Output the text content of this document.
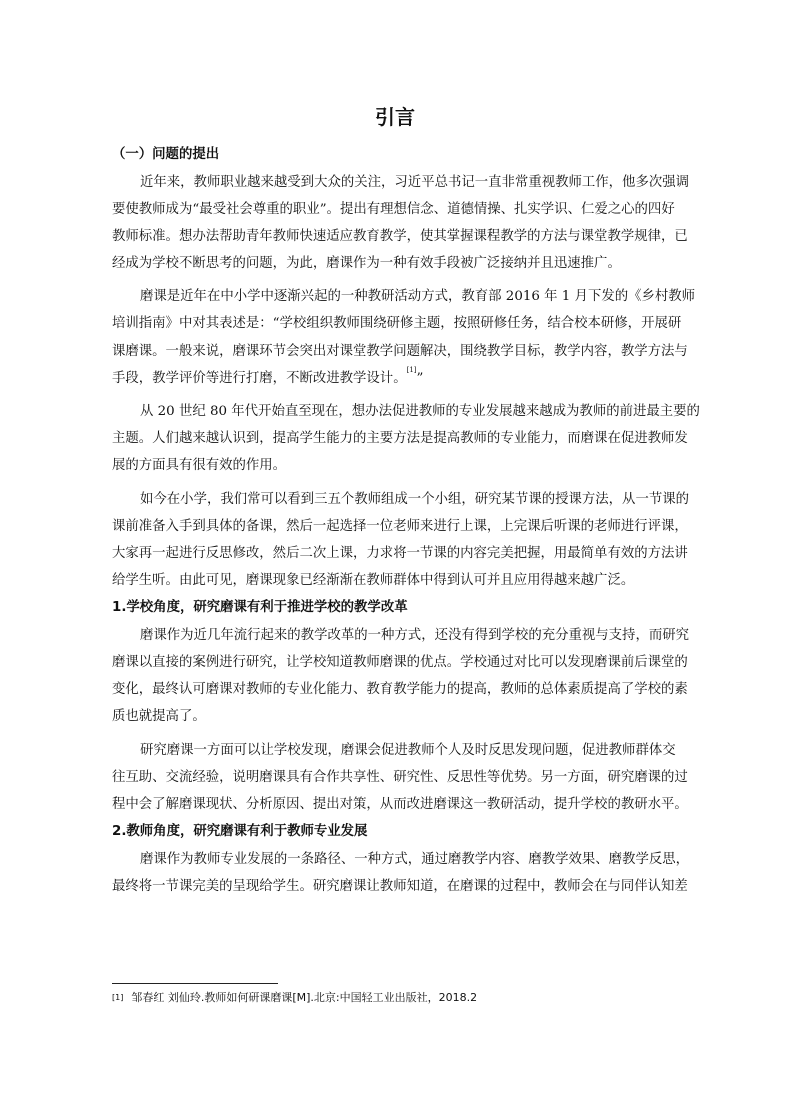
引言
（一）问题的提出
近年来，教师职业越来越受到大众的关注，习近平总书记一直非常重视教师工作，他多次强调
要使教师成为“最受社会尊重的职业”。提出有理想信念、道德情操、扎实学识、仁爱之心的四好
教师标准。想办法帮助青年教师快速适应教育教学，使其掌握课程教学的方法与课堂教学规律，已
经成为学校不断思考的问题，为此，磨课作为一种有效手段被广泛接纳并且迅速推广。
磨课是近年在中小学中逐渐兴起的一种教研活动方式，教育部 2016 年 1 月下发的《乡村教师
培训指南》中对其表述是：“学校组织教师围绕研修主题，按照研修任务，结合校本研修，开展研
课磨课。一般来说，磨课环节会突出对课堂教学问题解决，围绕教学目标，教学内容，教学方法与
手段，教学评价等进行打磨，不断改进教学设计。[1]”
从 20 世纪 80 年代开始直至现在，想办法促进教师的专业发展越来越成为教师的前进最主要的
主题。人们越来越认识到，提高学生能力的主要方法是提高教师的专业能力，而磨课在促进教师发
展的方面具有很有效的作用。
如今在小学，我们常可以看到三五个教师组成一个小组，研究某节课的授课方法，从一节课的
课前准备入手到具体的备课，然后一起选择一位老师来进行上课，上完课后听课的老师进行评课，
大家再一起进行反思修改，然后二次上课，力求将一节课的内容完美把握，用最简单有效的方法讲
给学生听。由此可见，磨课现象已经渐渐在教师群体中得到认可并且应用得越来越广泛。
1.学校角度，研究磨课有利于推进学校的教学改革
磨课作为近几年流行起来的教学改革的一种方式，还没有得到学校的充分重视与支持，而研究
磨课以直接的案例进行研究，让学校知道教师磨课的优点。学校通过对比可以发现磨课前后课堂的
变化，最终认可磨课对教师的专业化能力、教育教学能力的提高，教师的总体素质提高了学校的素
质也就提高了。
研究磨课一方面可以让学校发现，磨课会促进教师个人及时反思发现问题，促进教师群体交
往互助、交流经验，说明磨课具有合作共享性、研究性、反思性等优势。另一方面，研究磨课的过
程中会了解磨课现状、分析原因、提出对策，从而改进磨课这一教研活动，提升学校的教研水平。
2.教师角度，研究磨课有利于教师专业发展
磨课作为教师专业发展的一条路径、一种方式，通过磨教学内容、磨教学效果、磨教学反思，
最终将一节课完美的呈现给学生。研究磨课让教师知道，在磨课的过程中，教师会在与同伴认知差
[1] 邹春红 刘仙玲.教师如何研课磨课[M].北京:中国轻工业出版社，2018.2
